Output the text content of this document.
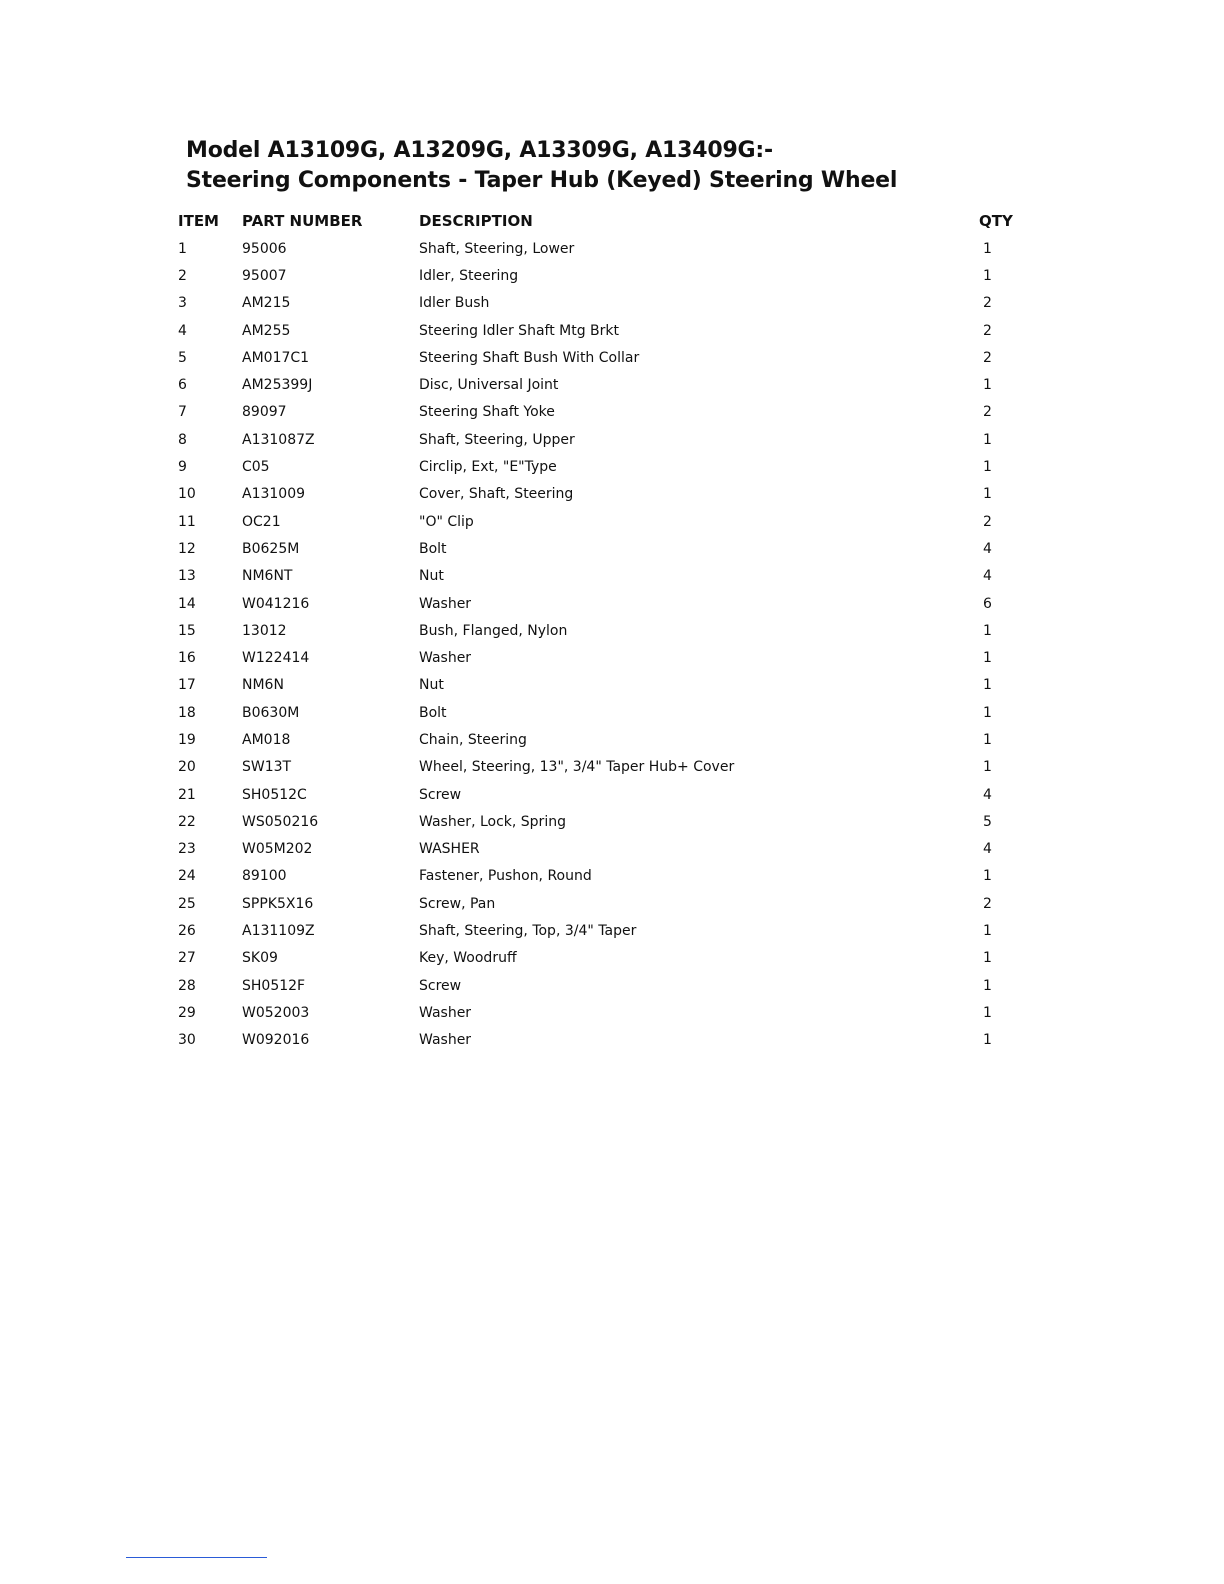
Model A13109G, A13209G, A13309G, A13409G:-
Steering Components - Taper Hub (Keyed) Steering Wheel
ITEM	PART NUMBER	DESCRIPTION	QTY
1	95006	Shaft, Steering, Lower	1
2	95007	Idler, Steering	1
3	AM215	Idler Bush	2
4	AM255	Steering Idler Shaft Mtg Brkt	2
5	AM017C1	Steering Shaft Bush With Collar	2
6	AM25399J	Disc, Universal Joint	1
7	89097	Steering Shaft Yoke	2
8	A131087Z	Shaft, Steering, Upper	1
9	C05	Circlip, Ext, "E"Type	1
10	A131009	Cover, Shaft, Steering	1
11	OC21	"O" Clip	2
12	B0625M	Bolt	4
13	NM6NT	Nut	4
14	W041216	Washer	6
15	13012	Bush, Flanged, Nylon	1
16	W122414	Washer	1
17	NM6N	Nut	1
18	B0630M	Bolt	1
19	AM018	Chain, Steering	1
20	SW13T	Wheel, Steering, 13", 3/4" Taper Hub+ Cover	1
21	SH0512C	Screw	4
22	WS050216	Washer, Lock, Spring	5
23	W05M202	WASHER	4
24	89100	Fastener, Pushon, Round	1
25	SPPK5X16	Screw, Pan	2
26	A131109Z	Shaft, Steering, Top, 3/4" Taper	1
27	SK09	Key, Woodruff	1
28	SH0512F	Screw	1
29	W052003	Washer	1
30	W092016	Washer	1
